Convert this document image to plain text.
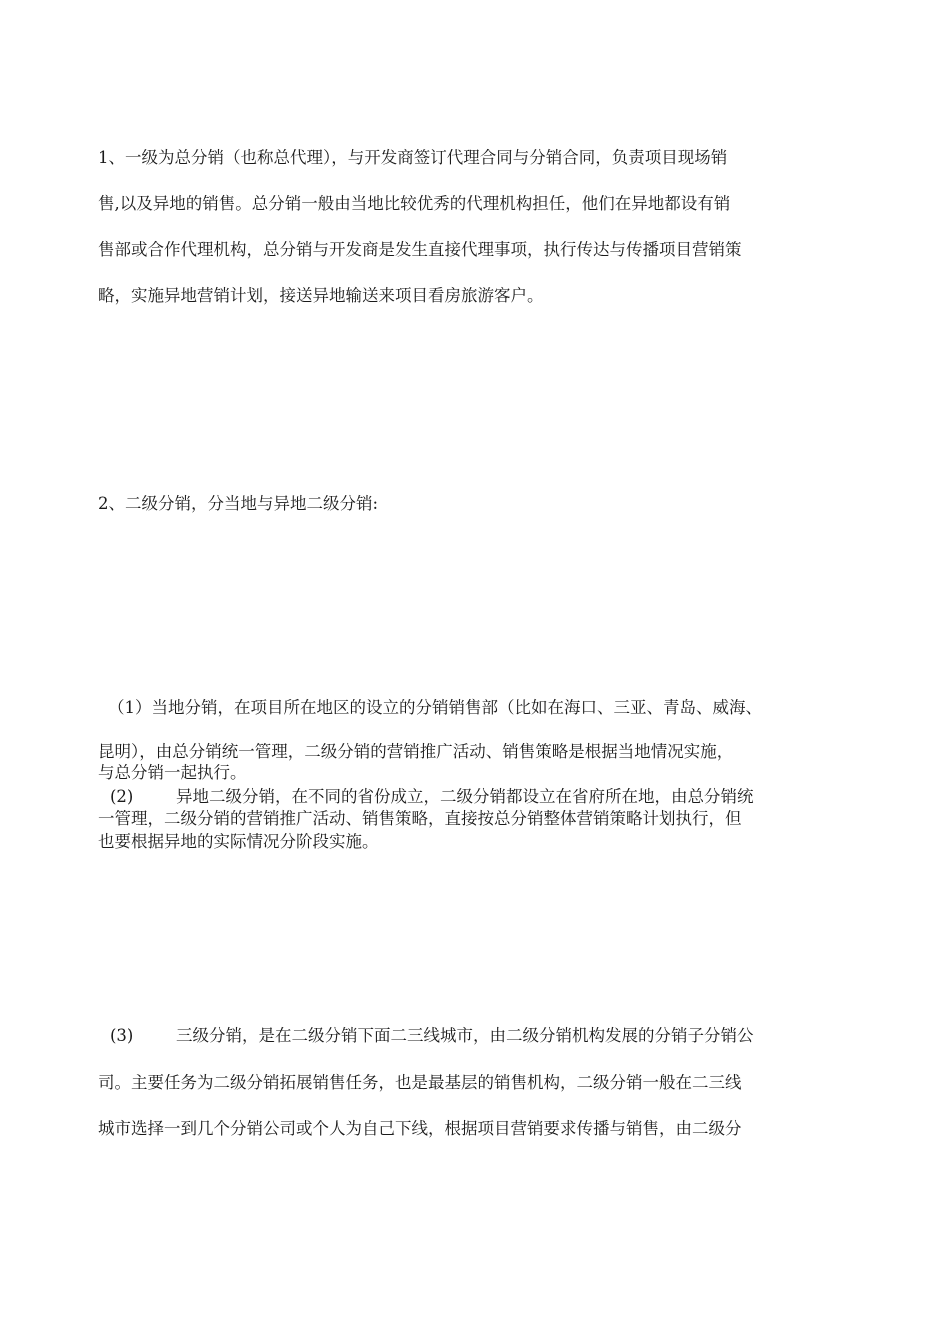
1、一级为总分销（也称总代理），与开发商签订代理合同与分销合同，负责项目现场销
售,以及异地的销售。总分销一般由当地比较优秀的代理机构担任，他们在异地都设有销
售部或合作代理机构，总分销与开发商是发生直接代理事项，执行传达与传播项目营销策
略，实施异地营销计划，接送异地输送来项目看房旅游客户。
2、二级分销，分当地与异地二级分销:
（1）当地分销，在项目所在地区的设立的分销销售部（比如在海口、三亚、青岛、威海、
昆明），由总分销统一管理，二级分销的营销推广活动、销售策略是根据当地情况实施，
与总分销一起执行。
(2)	异地二级分销，在不同的省份成立，二级分销都设立在省府所在地，由总分销统
一管理，二级分销的营销推广活动、销售策略，直接按总分销整体营销策略计划执行，但
也要根据异地的实际情况分阶段实施。
(3)	三级分销，是在二级分销下面二三线城市，由二级分销机构发展的分销子分销公
司。主要任务为二级分销拓展销售任务，也是最基层的销售机构，二级分销一般在二三线
城市选择一到几个分销公司或个人为自己下线，根据项目营销要求传播与销售，由二级分
